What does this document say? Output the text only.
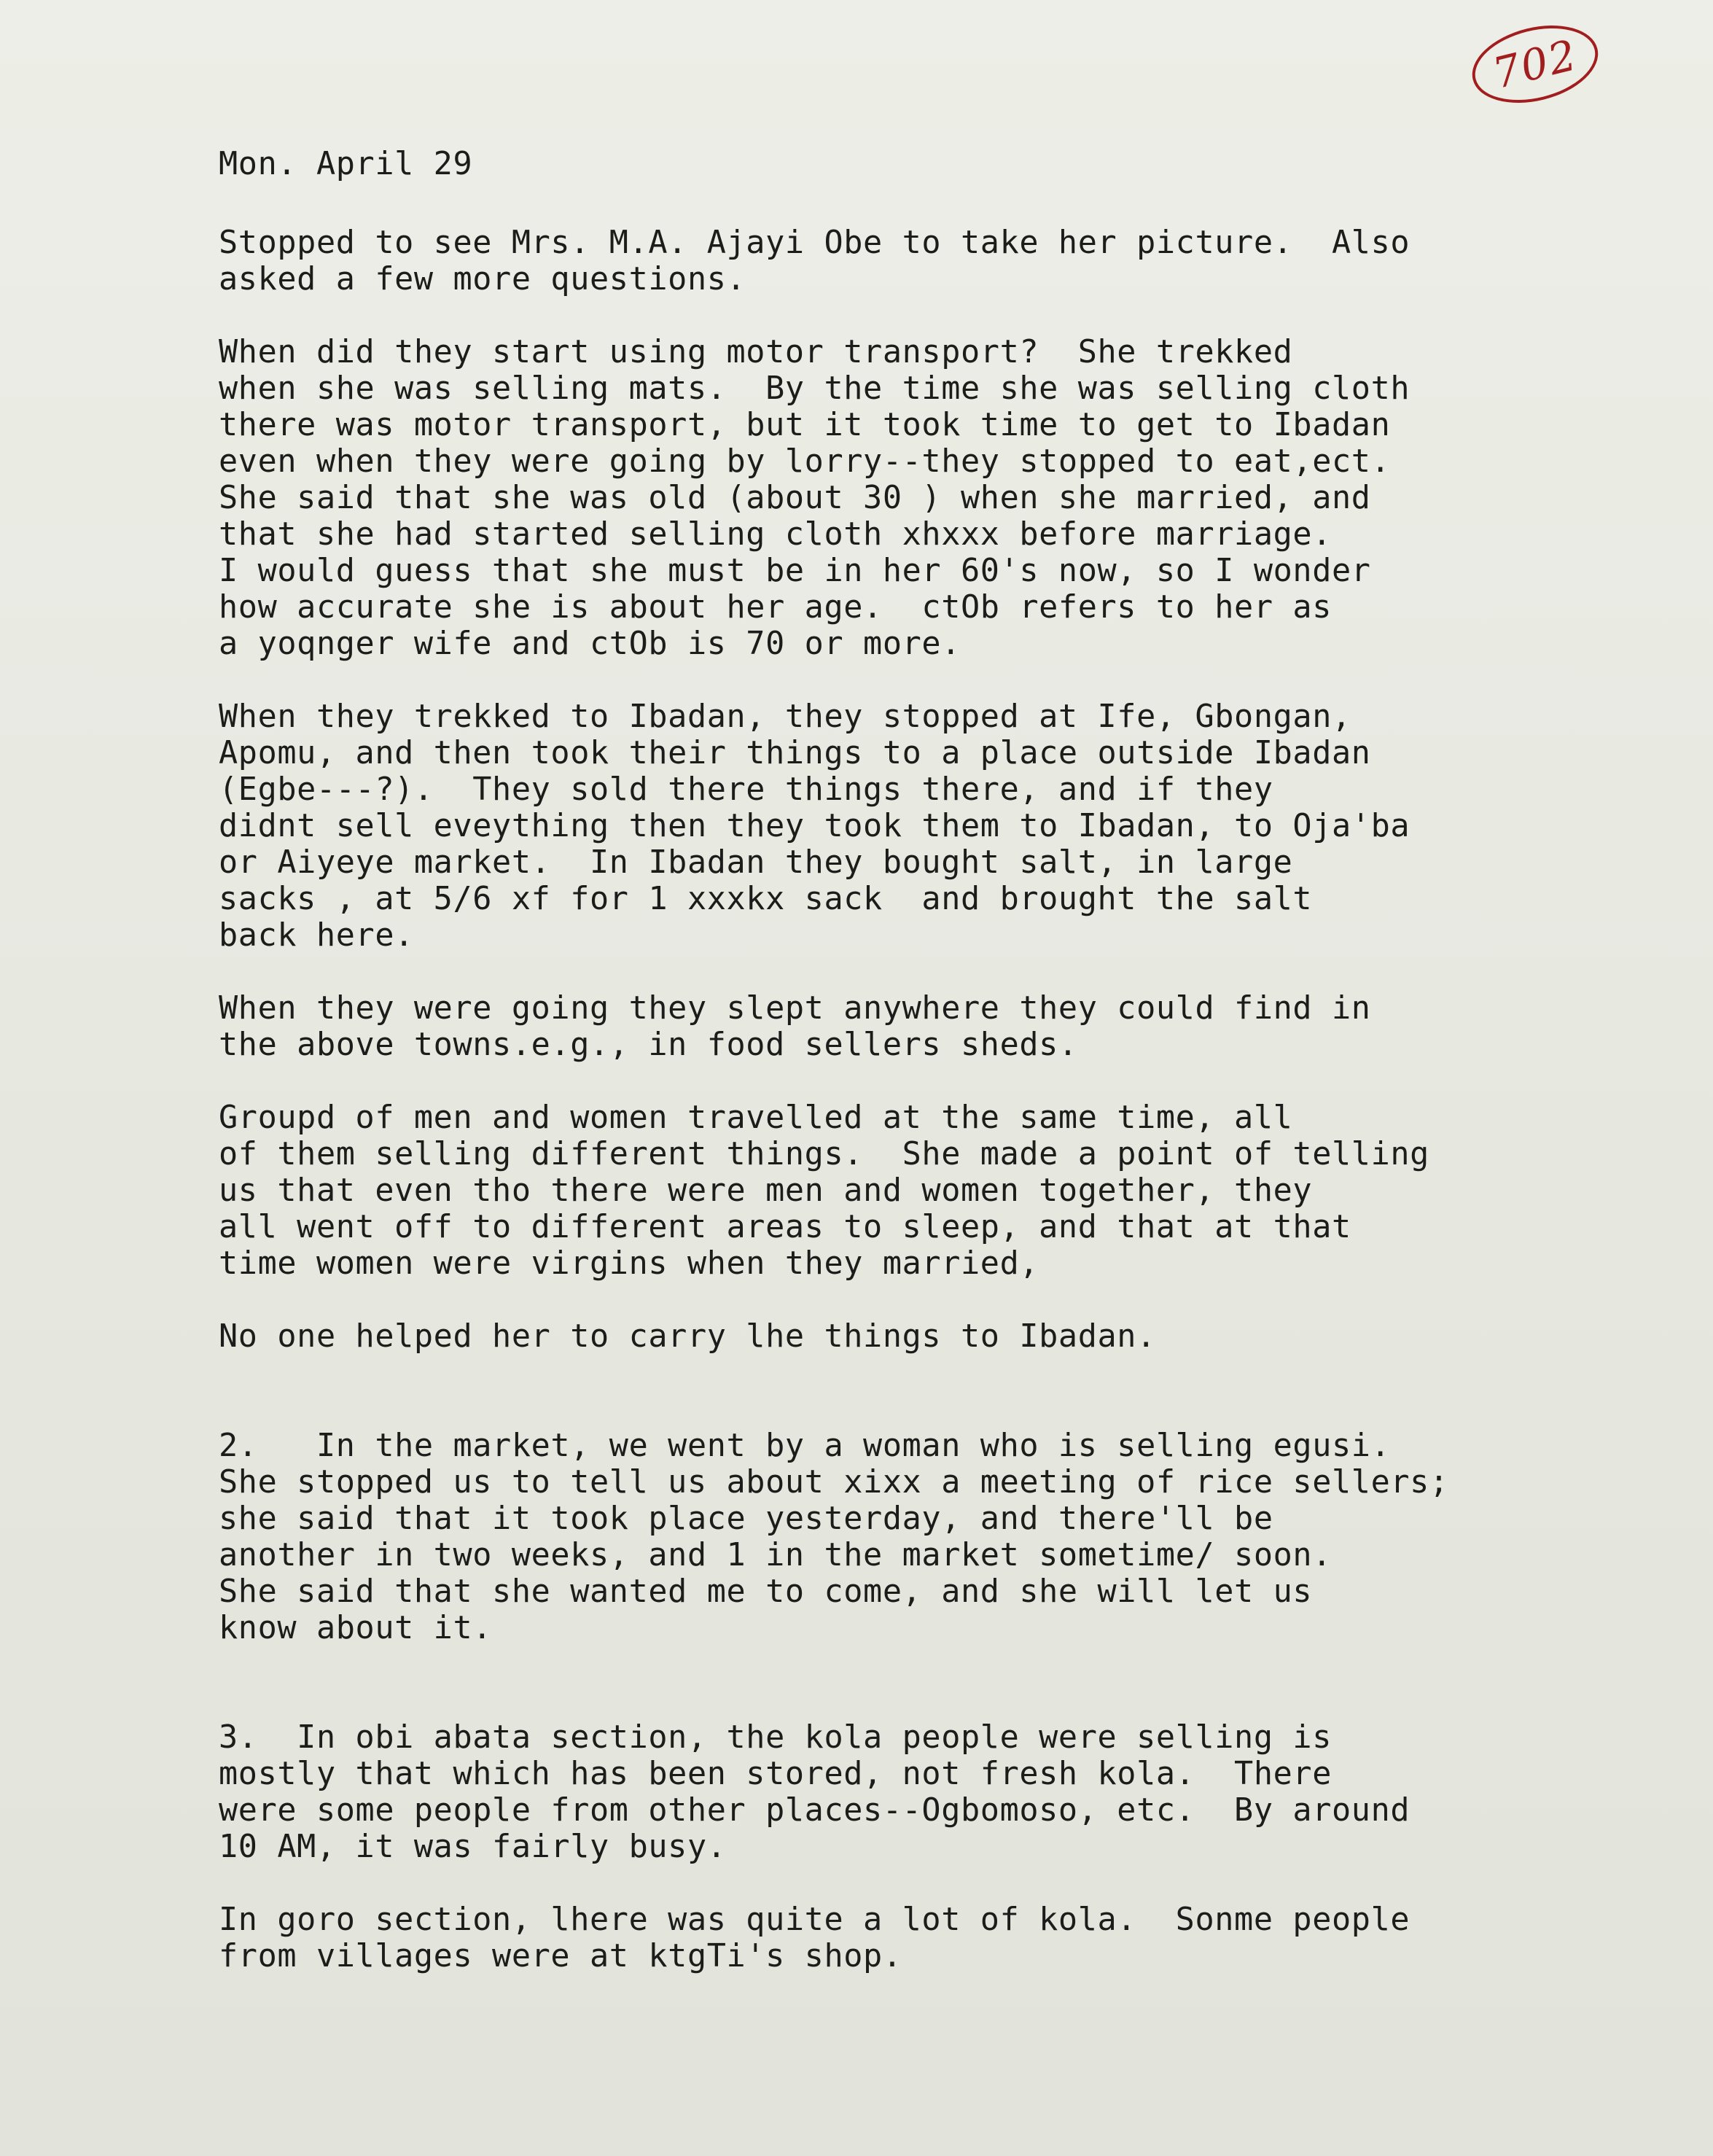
702
Mon. April 29
Stopped to see Mrs. M.A. Ajayi Obe to take her picture.  Also
asked a few more questions.
When did they start using motor transport?  She trekked
when she was selling mats.  By the time she was selling cloth
there was motor transport, but it took time to get to Ibadan
even when they were going by lorry--they stopped to eat,ect.
She said that she was old (about 30 ) when she married, and
that she had started selling cloth xhxxx before marriage.
I would guess that she must be in her 60's now, so I wonder
how accurate she is about her age.  ctOb refers to her as
a yoqnger wife and ctOb is 70 or more.
When they trekked to Ibadan, they stopped at Ife, Gbongan,
Apomu, and then took their things to a place outside Ibadan
(Egbe---?).  They sold there things there, and if they
didnt sell eveything then they took them to Ibadan, to Oja'ba
or Aiyeye market.  In Ibadan they bought salt, in large
sacks , at 5/6 xf for 1 xxxkx sack  and brought the salt
back here.
When they were going they slept anywhere they could find in
the above towns.e.g., in food sellers sheds.
Groupd of men and women travelled at the same time, all
of them selling different things.  She made a point of telling
us that even tho there were men and women together, they
all went off to different areas to sleep, and that at that
time women were virgins when they married,
No one helped her to carry lhe things to Ibadan.
2.   In the market, we went by a woman who is selling egusi.
She stopped us to tell us about xixx a meeting of rice sellers;
she said that it took place yesterday, and there'll be
another in two weeks, and 1 in the market sometime/ soon.
She said that she wanted me to come, and she will let us
know about it.
3.  In obi abata section, the kola people were selling is
mostly that which has been stored, not fresh kola.  There
were some people from other places--Ogbomoso, etc.  By around
10 AM, it was fairly busy.
In goro section, lhere was quite a lot of kola.  Sonme people
from villages were at ktgTi's shop.
